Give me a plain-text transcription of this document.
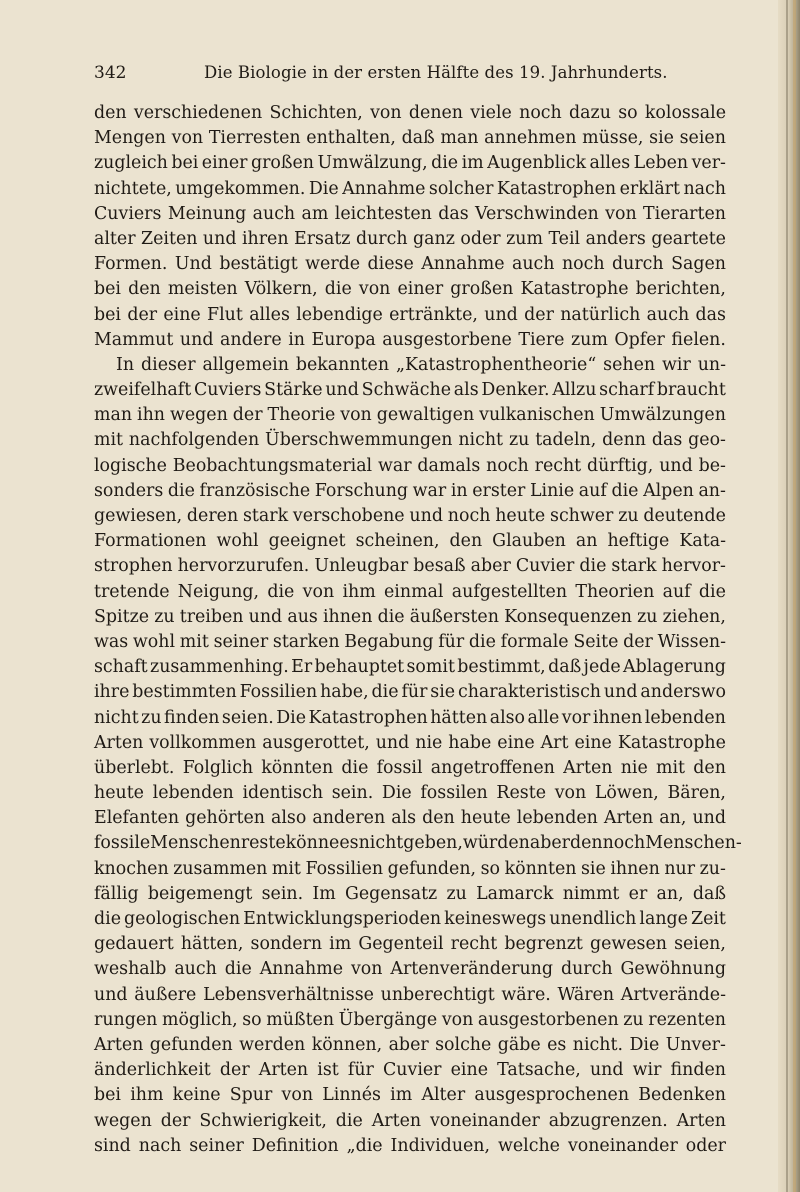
342	Die Biologie in der ersten Hälfte des 19. Jahrhunderts.
den verschiedenen Schichten, von denen viele noch dazu so kolossale
Mengen von Tierresten enthalten, daß man annehmen müsse, sie seien
zugleich bei einer großen Umwälzung, die im Augenblick alles Leben ver-
nichtete, umgekommen. Die Annahme solcher Katastrophen erklärt nach
Cuviers Meinung auch am leichtesten das Verschwinden von Tierarten
alter Zeiten und ihren Ersatz durch ganz oder zum Teil anders geartete
Formen. Und bestätigt werde diese Annahme auch noch durch Sagen
bei den meisten Völkern, die von einer großen Katastrophe berichten,
bei der eine Flut alles lebendige ertränkte, und der natürlich auch das
Mammut und andere in Europa ausgestorbene Tiere zum Opfer fielen.
In dieser allgemein bekannten „Katastrophentheorie“ sehen wir un-
zweifelhaft Cuviers Stärke und Schwäche als Denker. Allzu scharf braucht
man ihn wegen der Theorie von gewaltigen vulkanischen Umwälzungen
mit nachfolgenden Überschwemmungen nicht zu tadeln, denn das geo-
logische Beobachtungsmaterial war damals noch recht dürftig, und be-
sonders die französische Forschung war in erster Linie auf die Alpen an-
gewiesen, deren stark verschobene und noch heute schwer zu deutende
Formationen wohl geeignet scheinen, den Glauben an heftige Kata-
strophen hervorzurufen. Unleugbar besaß aber Cuvier die stark hervor-
tretende Neigung, die von ihm einmal aufgestellten Theorien auf die
Spitze zu treiben und aus ihnen die äußersten Konsequenzen zu ziehen,
was wohl mit seiner starken Begabung für die formale Seite der Wissen-
schaft zusammenhing. Er behauptet somit bestimmt, daß jede Ablagerung
ihre bestimmten Fossilien habe, die für sie charakteristisch und anderswo
nicht zu finden seien. Die Katastrophen hätten also alle vor ihnen lebenden
Arten vollkommen ausgerottet, und nie habe eine Art eine Katastrophe
überlebt. Folglich könnten die fossil angetroffenen Arten nie mit den
heute lebenden identisch sein. Die fossilen Reste von Löwen, Bären,
Elefanten gehörten also anderen als den heute lebenden Arten an, und
fossile Menschenreste könne es nicht geben, würden aber dennoch Menschen-
knochen zusammen mit Fossilien gefunden, so könnten sie ihnen nur zu-
fällig beigemengt sein. Im Gegensatz zu Lamarck nimmt er an, daß
die geologischen Entwicklungsperioden keineswegs unendlich lange Zeit
gedauert hätten, sondern im Gegenteil recht begrenzt gewesen seien,
weshalb auch die Annahme von Artenveränderung durch Gewöhnung
und äußere Lebensverhältnisse unberechtigt wäre. Wären Artverände-
rungen möglich, so müßten Übergänge von ausgestorbenen zu rezenten
Arten gefunden werden können, aber solche gäbe es nicht. Die Unver-
änderlichkeit der Arten ist für Cuvier eine Tatsache, und wir finden
bei ihm keine Spur von Linnés im Alter ausgesprochenen Bedenken
wegen der Schwierigkeit, die Arten voneinander abzugrenzen. Arten
sind nach seiner Definition „die Individuen, welche voneinander oder
